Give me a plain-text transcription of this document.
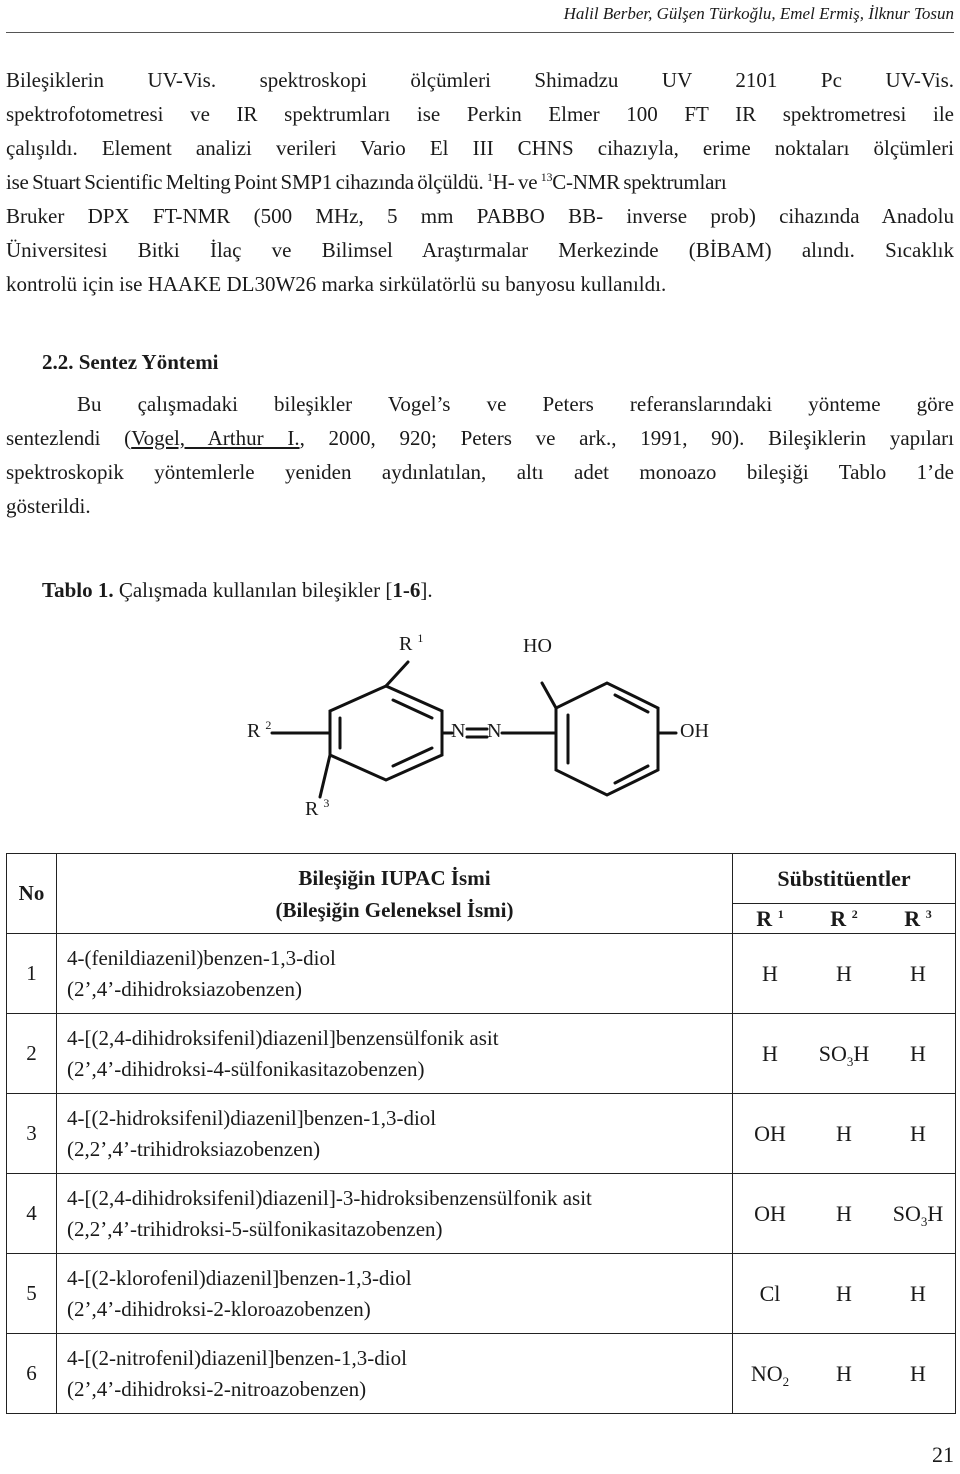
Halil Berber, Gülşen Türkoğlu, Emel Ermiş, İlknur Tosun
Bileşiklerin UV-Vis. spektroskopi ölçümleri Shimadzu UV 2101 Pc UV-Vis.
spektrofotometresi ve IR spektrumları ise Perkin Elmer 100 FT IR spektrometresi ile
çalışıldı. Element analizi verileri Vario El III CHNS cihazıyla, erime noktaları ölçümleri
ise Stuart Scientific Melting Point SMP1 cihazında ölçüldü. $^1$H- ve $^{13}$C-NMR spektrumları
Bruker DPX FT-NMR (500 MHz, 5 mm PABBO BB- inverse prob) cihazında Anadolu
Üniversitesi Bitki İlaç ve Bilimsel Araştırmalar Merkezinde (BİBAM) alındı. Sıcaklık
kontrolü için ise HAAKE DL30W26 marka sirkülatörlü su banyosu kullanıldı.
2.2. Sentez Yöntemi
Bu çalışmadaki bileşikler Vogel’s ve Peters referanslarındaki yönteme göre
sentezlendi (Vogel, Arthur I., 2000, 920; Peters ve ark., 1991, 90). Bileşiklerin yapıları
spektroskopik yöntemlerle yeniden aydınlatılan, altı adet monoazo bileşiği Tablo 1’de
gösterildi.

Tablo 1. Çalışmada kullanılan bileşikler [1-6].

R $^1$	HO
R $^2$	N N	OH
R $^3$
No	Bileşiğin IUPAC İsmi
(Bileşiğin Geleneksel İsmi)	Sübstitüentler		
		R $^1$	R $^2$	R $^3$
1	4-(fenildiazenil)benzen-1,3-diol
(2’,4’-dihidroksiazobenzen)	H	H	H
2	4-[(2,4-dihidroksifenil)diazenil]benzensülfonik asit
(2’,4’-dihidroksi-4-sülfonikasitazobenzen)	H	$SO_3H$	H
3	4-[(2-hidroksifenil)diazenil]benzen-1,3-diol
(2,2’,4’-trihidroksiazobenzen)	OH	H	H
4	4-[(2,4-dihidroksifenil)diazenil]-3-hidroksibenzensülfonik asit
(2,2’,4’-trihidroksi-5-sülfonikasitazobenzen)	OH	H	$SO_3H$
5	4-[(2-klorofenil)diazenil]benzen-1,3-diol
(2’,4’-dihidroksi-2-kloroazobenzen)	Cl	H	H
6	4-[(2-nitrofenil)diazenil]benzen-1,3-diol
(2’,4’-dihidroksi-2-nitroazobenzen)	$NO_2$	H	H
21
